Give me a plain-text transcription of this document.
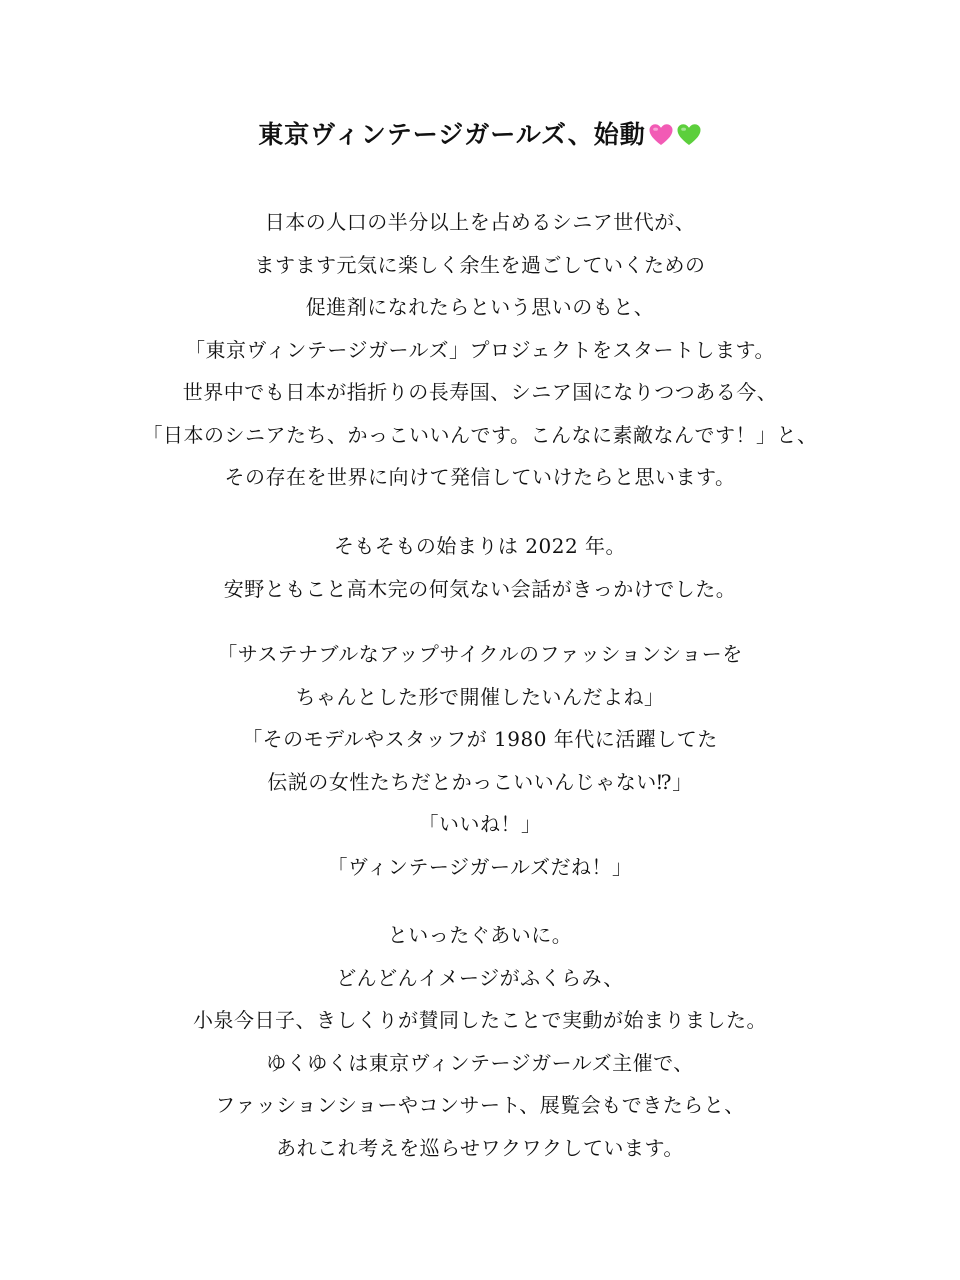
東京ヴィンテージガールズ、始動
日本の人口の半分以上を占めるシニア世代が、
ますます元気に楽しく余生を過ごしていくための
促進剤になれたらという思いのもと、
「東京ヴィンテージガールズ」プロジェクトをスタートします。
世界中でも日本が指折りの長寿国、シニア国になりつつある今、
「日本のシニアたち、かっこいいんです。こんなに素敵なんです！」と、
その存在を世界に向けて発信していけたらと思います。
そもそもの始まりは 2022 年。
安野ともこと高木完の何気ない会話がきっかけでした。
「サステナブルなアップサイクルのファッションショーを
ちゃんとした形で開催したいんだよね」
「そのモデルやスタッフが 1980 年代に活躍してた
伝説の女性たちだとかっこいいんじゃない⁉」
「いいね！」
「ヴィンテージガールズだね！」
といったぐあいに。
どんどんイメージがふくらみ、
小泉今日子、きしくりが賛同したことで実動が始まりました。
ゆくゆくは東京ヴィンテージガールズ主催で、
ファッションショーやコンサート、展覧会もできたらと、
あれこれ考えを巡らせワクワクしています。
